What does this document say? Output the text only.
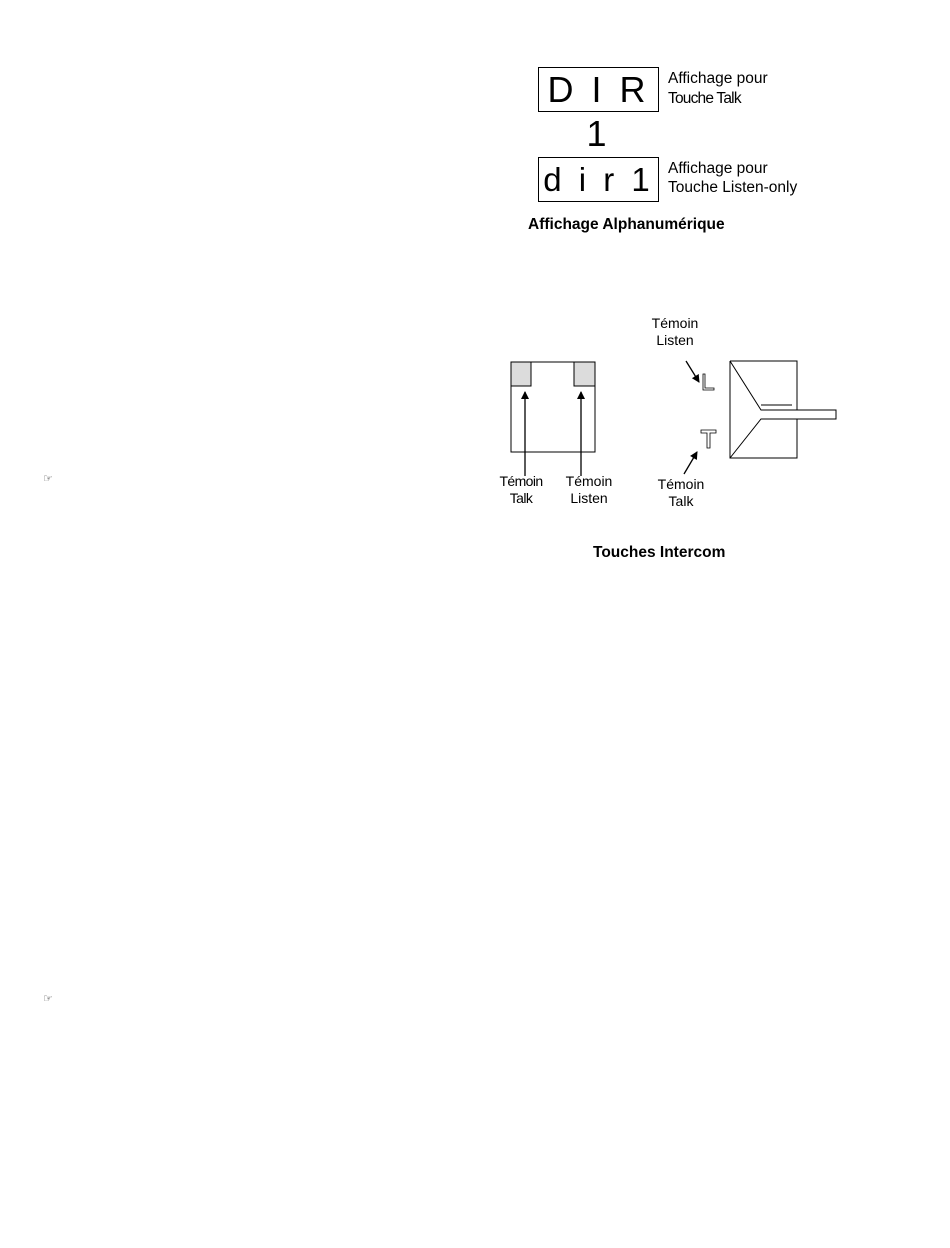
D I R 1
Affichage pour
Touche Talk
d i r 1 Affichage pour
Touche Listen-only
Affichage Alphanumérique
Témoin
Talk
Témoin
Listen
Témoin
Listen
Témoin
Talk
Touches Intercom
☞
☞
